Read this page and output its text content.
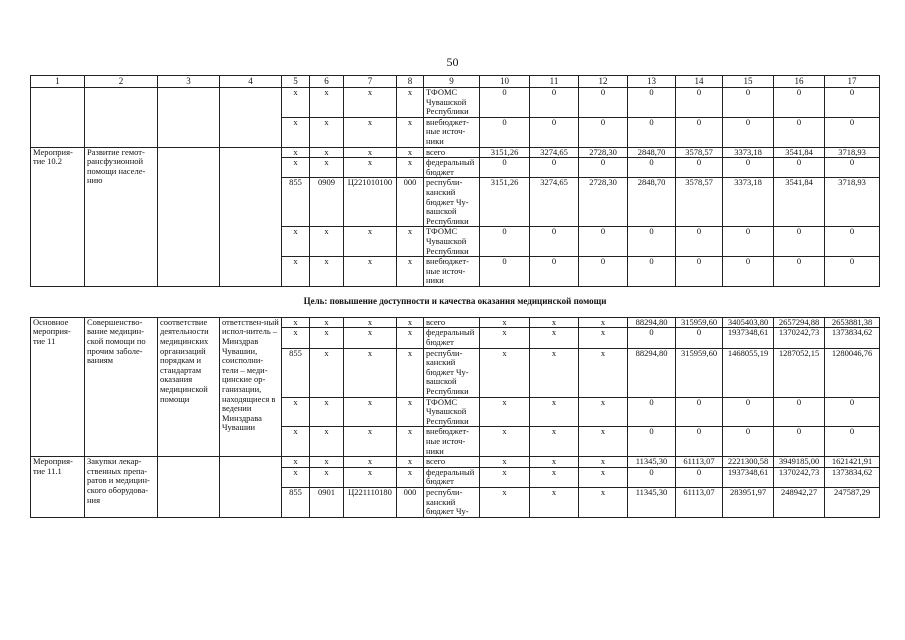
50
1	2	3	4	5	6	7	8	9	10	11	12	13	14	15	16	17
				x	x	x	x	ТФОМС Чувашской Республики	0	0	0	0	0	0	0	0
				x	x	x	x	внебюджет-ные источ-ники	0	0	0	0	0	0	0	0
Мероприя-тие 10.2	Развитие гемот-рансфузионной помощи населе-нию			x	x	x	x	всего	3151,26	3274,65	2728,30	2848,70	3578,57	3373,18	3541,84	3718,93
				x	x	x	x	федеральный бюджет	0	0	0	0	0	0	0	0
				855	0909	Ц221010100	000	республи-канский бюджет Чу-вашской Республики	3151,26	3274,65	2728,30	2848,70	3578,57	3373,18	3541,84	3718,93
				x	x	x	x	ТФОМС Чувашской Республики	0	0	0	0	0	0	0	0
				x	x	x	x	внебюджет-ные источ-ники	0	0	0	0	0	0	0	0
Цель: повышение доступности и качества оказания медицинской помощи																
Основное мероприя-тие 11	Совершенство-вание медицин-ской помощи по прочим заболе-ваниям	соответствие деятельности медицинских организаций порядкам и стандартам оказания медицинской помощи	ответствен-ный испол-нитель – Минздрав Чувашии, соисполни-тели – меди-цинские ор-ганизации, находящиеся в ведении Минздрава Чувашии	x	x	x	x	всего	x	x	x	88294,80	315959,60	3405403,80	2657294,88	2653881,38
				x	x	x	x	федеральный бюджет	x	x	x	0	0	1937348,61	1370242,73	1373834,62
				855	x	x	x	республи-канский бюджет Чу-вашской Республики	x	x	x	88294,80	315959,60	1468055,19	1287052,15	1280046,76
				x	x	x	x	ТФОМС Чувашской Республики	x	x	x	0	0	0	0	0
				x	x	x	x	внебюджет-ные источ-ники	x	x	x	0	0	0	0	0
Мероприя-тие 11.1	Закупки лекар-ственных препа-ратов и медицин-ского оборудова-ния			x	x	x	x	всего	x	x	x	11345,30	61113,07	2221300,58	3949185,00	1621421,91
				x	x	x	x	федеральный бюджет	x	x	x	0	0	1937348,61	1370242,73	1373834,62
				855	0901	Ц221110180	000	республи-канский бюджет Чу-	x	x	x	11345,30	61113,07	283951,97	248942,27	247587,29
